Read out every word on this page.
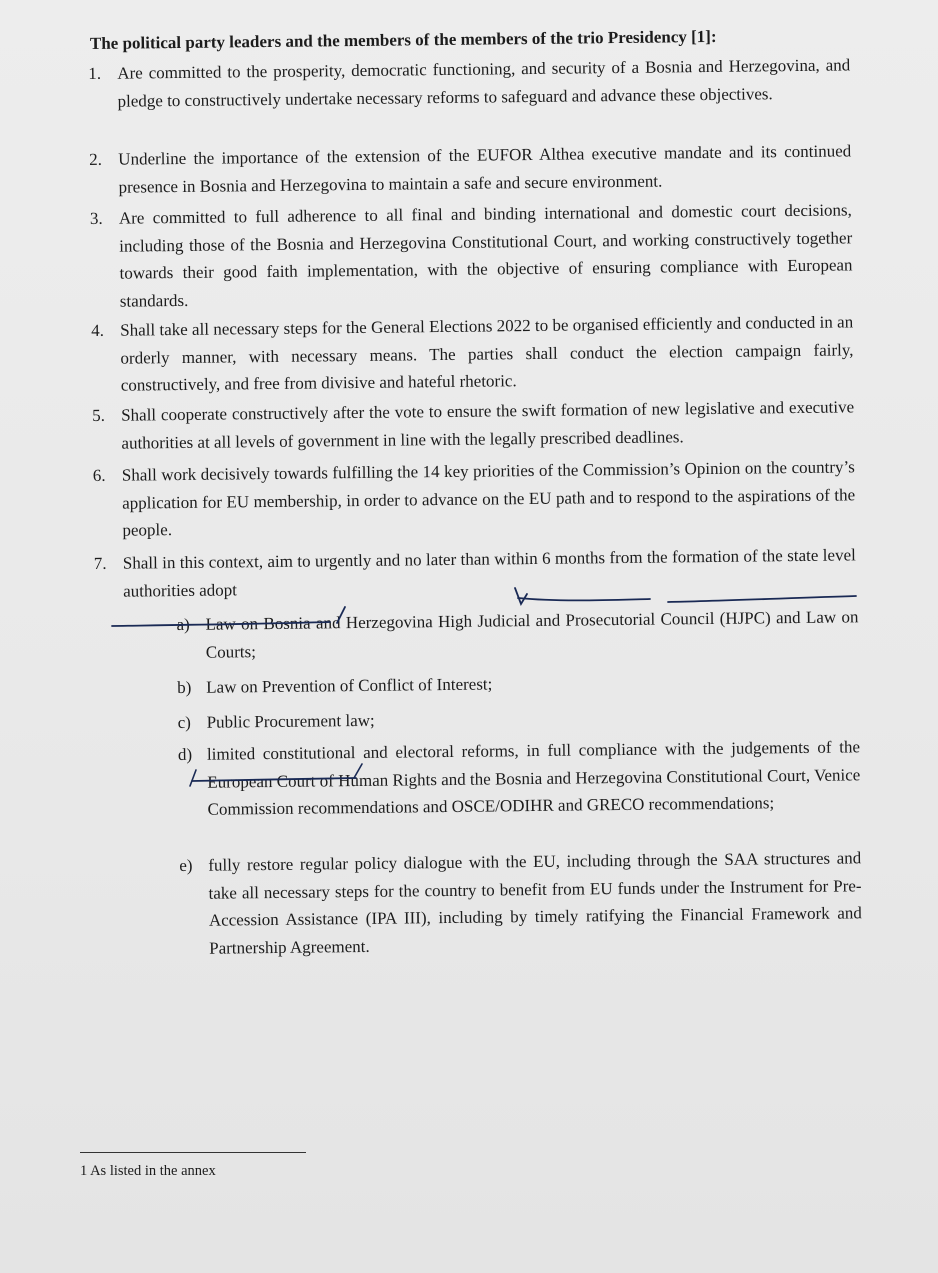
The political party leaders and the members of the members of the trio Presidency [1]:
1. Are committed to the prosperity, democratic functioning, and security of a Bosnia and Herzegovina, and pledge to constructively undertake necessary reforms to safeguard and advance these objectives.
2. Underline the importance of the extension of the EUFOR Althea executive mandate and its continued presence in Bosnia and Herzegovina to maintain a safe and secure environment.
3. Are committed to full adherence to all final and binding international and domestic court decisions, including those of the Bosnia and Herzegovina Constitutional Court, and working constructively together towards their good faith implementation, with the objective of ensuring compliance with European standards.
4. Shall take all necessary steps for the General Elections 2022 to be organised efficiently and conducted in an orderly manner, with necessary means. The parties shall conduct the election campaign fairly, constructively, and free from divisive and hateful rhetoric.
5. Shall cooperate constructively after the vote to ensure the swift formation of new legislative and executive authorities at all levels of government in line with the legally prescribed deadlines.
6. Shall work decisively towards fulfilling the 14 key priorities of the Commission’s Opinion on the country’s application for EU membership, in order to advance on the EU path and to respond to the aspirations of the people.
7. Shall in this context, aim to urgently and no later than within 6 months from the formation of the state level authorities adopt
a) Law on Bosnia and Herzegovina High Judicial and Prosecutorial Council (HJPC) and Law on Courts;
b) Law on Prevention of Conflict of Interest;
c) Public Procurement law;
d) limited constitutional and electoral reforms, in full compliance with the judgements of the European Court of Human Rights and the Bosnia and Herzegovina Constitutional Court, Venice Commission recommendations and OSCE/ODIHR and GRECO recommendations;
e) fully restore regular policy dialogue with the EU, including through the SAA structures and take all necessary steps for the country to benefit from EU funds under the Instrument for Pre-Accession Assistance (IPA III), including by timely ratifying the Financial Framework and Partnership Agreement.
1 As listed in the annex
